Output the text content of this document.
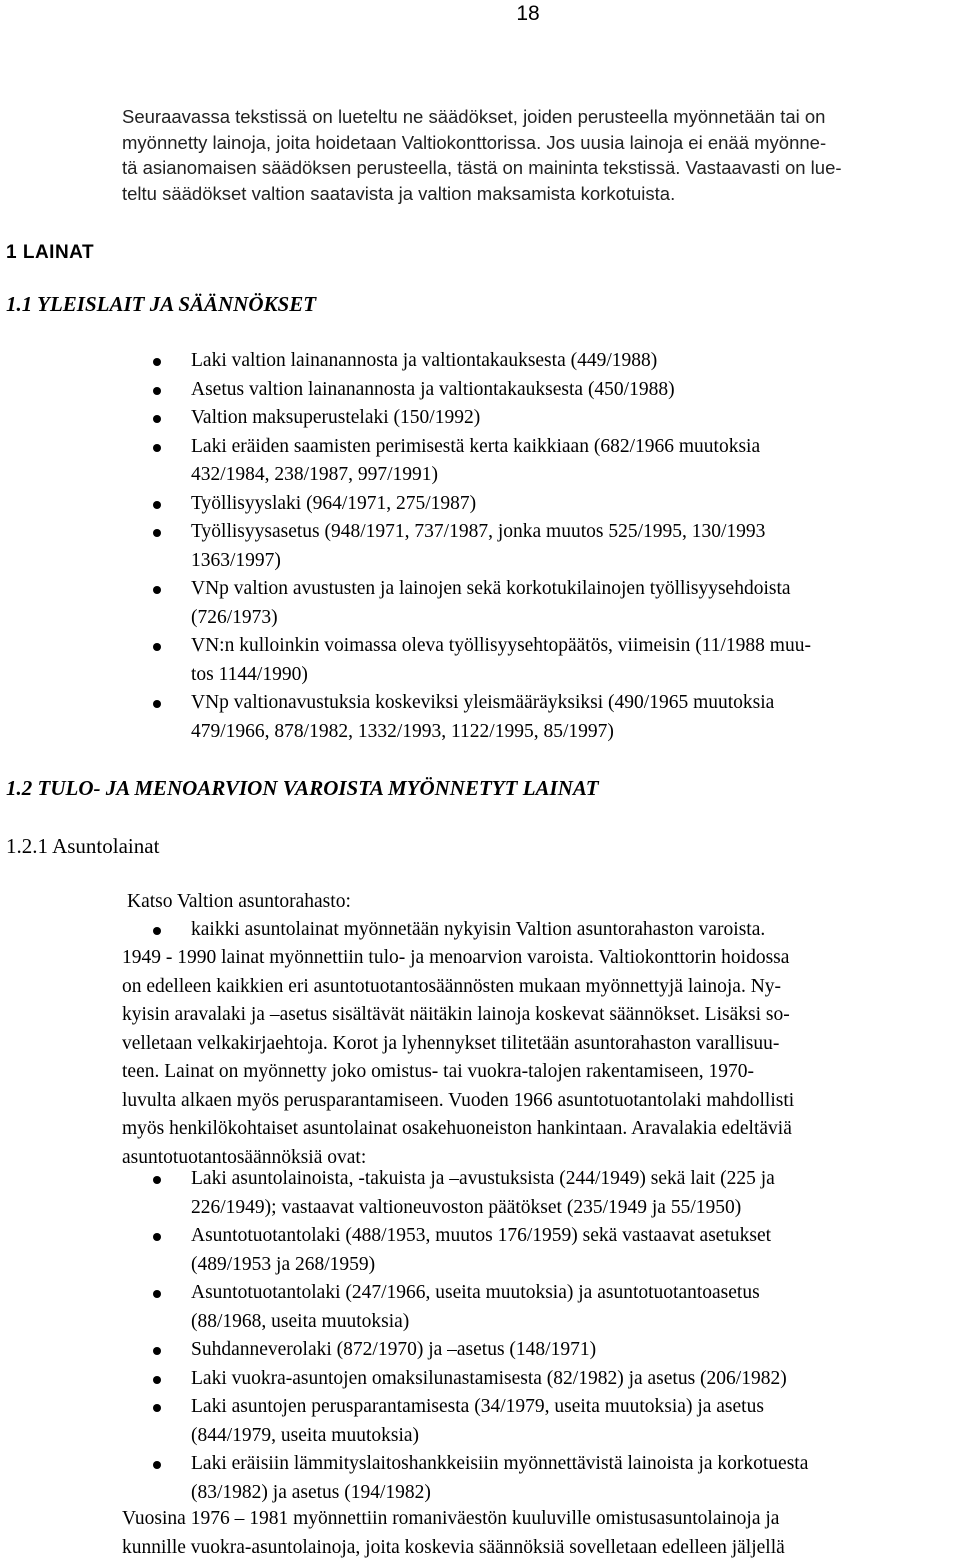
18
Seuraavassa tekstissä on lueteltu ne säädökset, joiden perusteella myönnetään tai on
myönnetty lainoja, joita hoidetaan Valtiokonttorissa. Jos uusia lainoja ei enää myönne-
tä asianomaisen säädöksen perusteella, tästä on maininta tekstissä. Vastaavasti on lue-
teltu säädökset valtion saatavista ja valtion maksamista korkotuista.
1 LAINAT
1.1 YLEISLAIT JA SÄÄNNÖKSET
Laki valtion lainanannosta ja valtiontakauksesta (449/1988)
Asetus valtion lainanannosta ja valtiontakauksesta (450/1988)
Valtion maksuperustelaki (150/1992)
Laki eräiden saamisten perimisestä kerta kaikkiaan (682/1966 muutoksia
432/1984, 238/1987, 997/1991)
Työllisyyslaki (964/1971, 275/1987)
Työllisyysasetus (948/1971, 737/1987, jonka muutos 525/1995, 130/1993
1363/1997)
VNp valtion avustusten ja lainojen sekä korkotukilainojen työllisyysehdoista
(726/1973)
VN:n kulloinkin voimassa oleva työllisyysehtopäätös, viimeisin (11/1988 muu-
tos 1144/1990)
VNp valtionavustuksia koskeviksi yleismääräyksiksi (490/1965 muutoksia
479/1966, 878/1982, 1332/1993, 1122/1995, 85/1997)
1.2 TULO- JA MENOARVION VAROISTA MYÖNNETYT LAINAT
1.2.1 Asuntolainat
Katso Valtion asuntorahasto:
kaikki asuntolainat myönnetään nykyisin Valtion asuntorahaston varoista.
1949 - 1990 lainat myönnettiin tulo- ja menoarvion varoista. Valtiokonttorin hoidossa
on edelleen kaikkien eri asuntotuotantosäännösten mukaan myönnettyjä lainoja. Ny-
kyisin aravalaki ja –asetus sisältävät näitäkin lainoja koskevat säännökset. Lisäksi so-
velletaan velkakirjaehtoja. Korot ja lyhennykset tilitetään asuntorahaston varallisuu-
teen. Lainat on myönnetty joko omistus- tai vuokra-talojen rakentamiseen, 1970-
luvulta alkaen myös perusparantamiseen. Vuoden 1966 asuntotuotantolaki mahdollisti
myös henkilökohtaiset asuntolainat osakehuoneiston hankintaan. Aravalakia edeltäviä
asuntotuotantosäännöksiä ovat:
Laki asuntolainoista, -takuista ja –avustuksista (244/1949) sekä lait (225 ja
226/1949); vastaavat valtioneuvoston päätökset (235/1949 ja 55/1950)
Asuntotuotantolaki (488/1953, muutos 176/1959) sekä vastaavat asetukset
(489/1953 ja 268/1959)
Asuntotuotantolaki (247/1966, useita muutoksia) ja asuntotuotantoasetus
(88/1968, useita muutoksia)
Suhdanneverolaki (872/1970) ja –asetus (148/1971)
Laki vuokra-asuntojen omaksilunastamisesta (82/1982) ja asetus (206/1982)
Laki asuntojen perusparantamisesta (34/1979, useita muutoksia) ja asetus
(844/1979, useita muutoksia)
Laki eräisiin lämmityslaitoshankkeisiin myönnettävistä lainoista ja korkotuesta
(83/1982) ja asetus (194/1982)
Vuosina 1976 – 1981 myönnettiin romaniväestön kuuluville omistusasuntolainoja ja
kunnille vuokra-asuntolainoja, joita koskevia säännöksiä sovelletaan edelleen jäljellä
